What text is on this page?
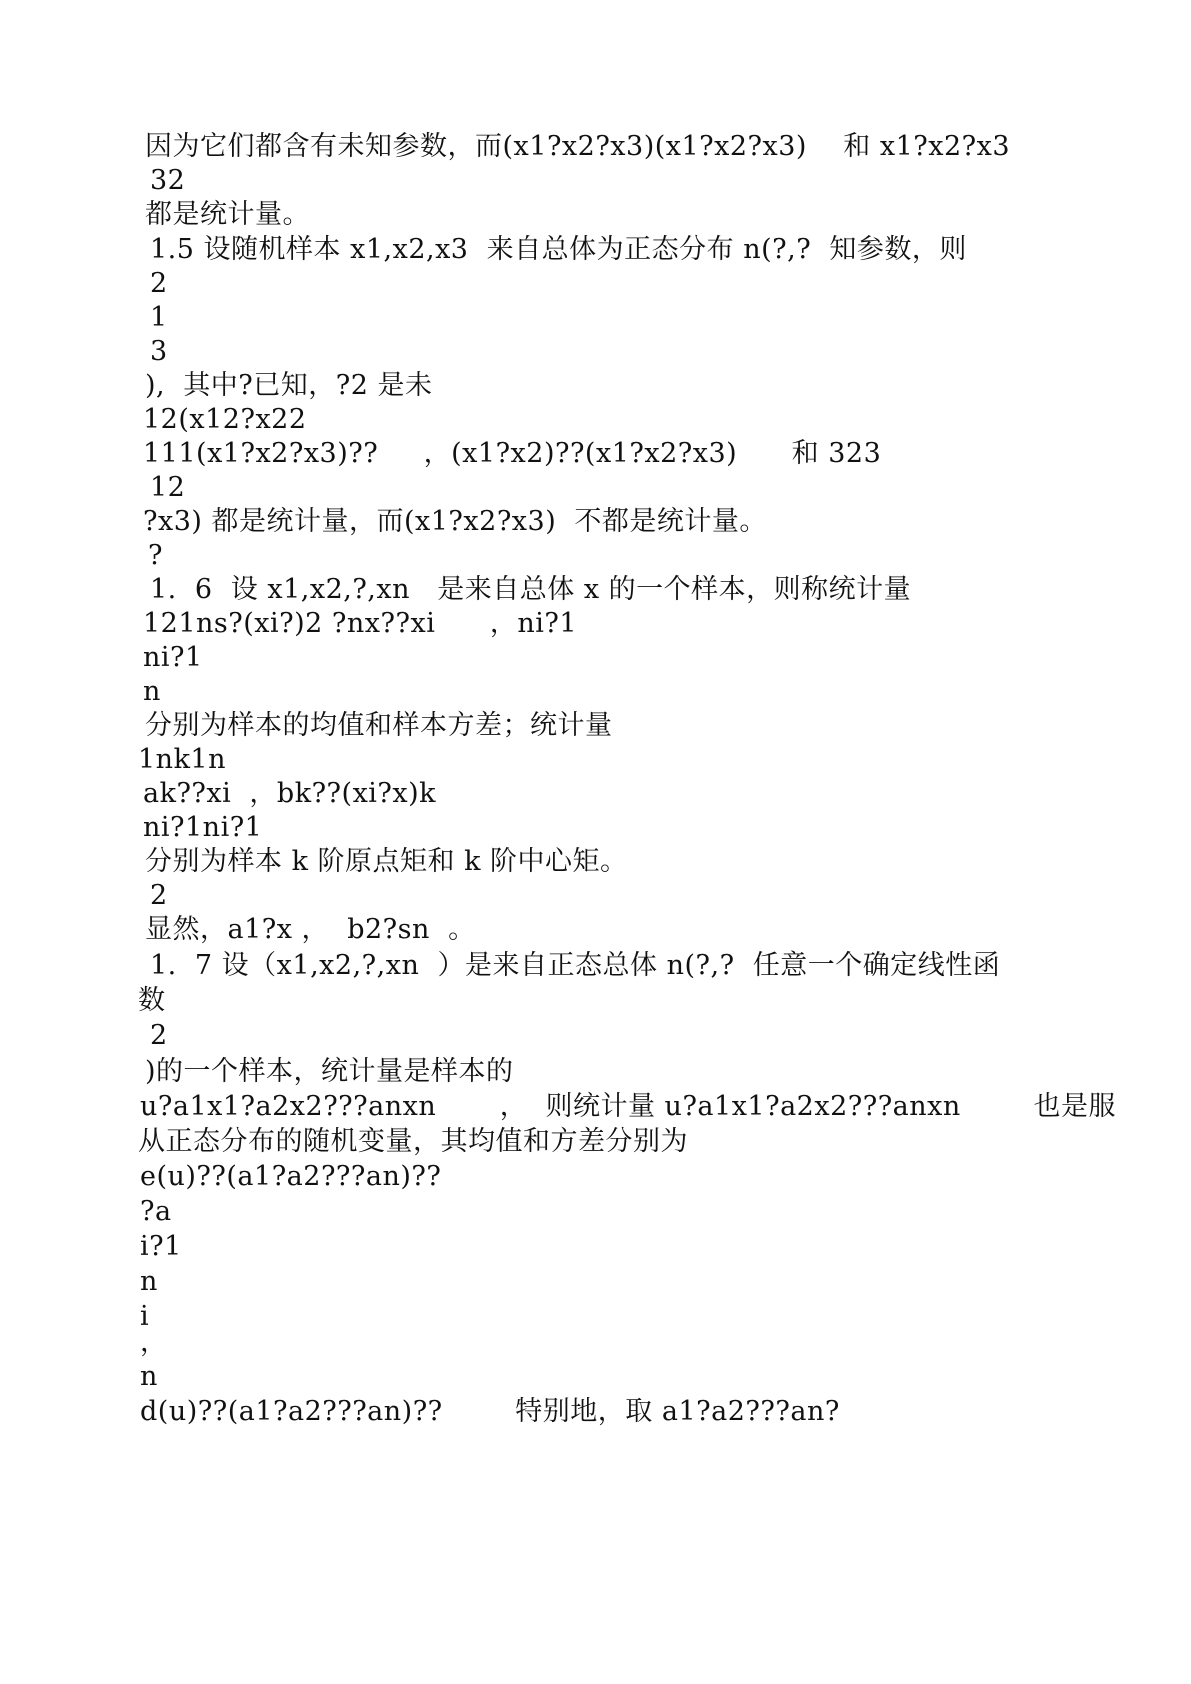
因为它们都含有未知参数，而(x1?x2?x3)(x1?x2?x3)    和 x1?x2?x3
32
都是统计量。
1.5 设随机样本 x1,x2,x3  来自总体为正态分布 n(?,?  知参数，则
2
1
3
),  其中?已知，?2 是未
12(x12?x22
111(x1?x2?x3)??     ，(x1?x2)??(x1?x2?x3)      和 323
12
?x3) 都是统计量，而(x1?x2?x3)  不都是统计量。
?
1.  6  设 x1,x2,?,xn   是来自总体 x 的一个样本，则称统计量
121ns?(xi?)2 ?nx??xi      ，ni?1
ni?1
n
分别为样本的均值和样本方差；统计量
1nk1n
ak??xi  ，bk??(xi?x)k
ni?1ni?1
分别为样本 k 阶原点矩和 k 阶中心矩。
2
显然，a1?x ，  b2?sn  。
1.  7 设（x1,x2,?,xn  ）是来自正态总体 n(?,?  任意一个确定线性函
数
2
)的一个样本，统计量是样本的
u?a1x1?a2x2???anxn       ，  则统计量 u?a1x1?a2x2???anxn        也是服
从正态分布的随机变量，其均值和方差分别为
e(u)??(a1?a2???an)??
?a
i?1
n
i
，
n
d(u)??(a1?a2???an)??        特别地，取 a1?a2???an?
